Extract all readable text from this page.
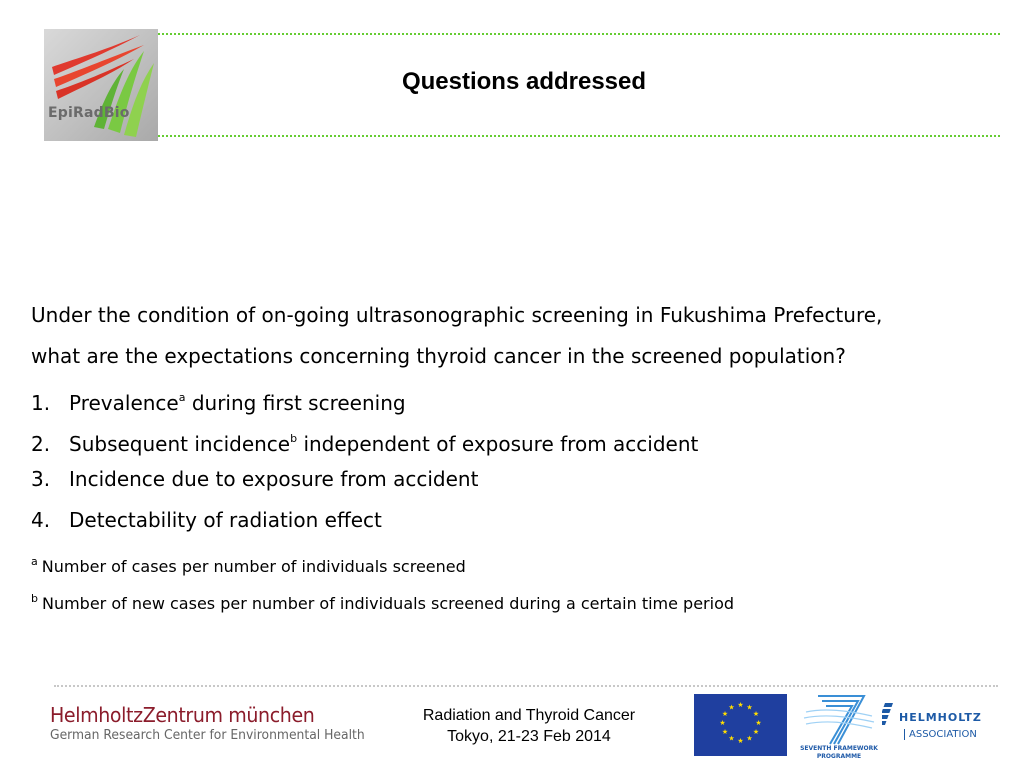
EpiRadBio
Questions addressed
Under the condition of on-going ultrasonographic screening in Fukushima Prefecture,
what are the expectations concerning thyroid cancer in the screened population?
1. Prevalence$^a$ during first screening
2. Subsequent incidence$^b$ independent of exposure from accident
3. Incidence due to exposure from accident
4. Detectability of radiation effect
$^a$ Number of cases per number of individuals screened
$^b$ Number of new cases per number of individuals screened during a certain time period
HelmholtzZentrum münchen
German Research Center for Environmental Health
Radiation and Thyroid Cancer
Tokyo, 21-23 Feb 2014
★ ★
★
★
★
★
★
★
★
★
★
★
SEVENTH FRAMEWORK
PROGRAMME
HELMHOLTZ
ASSOCIATION
